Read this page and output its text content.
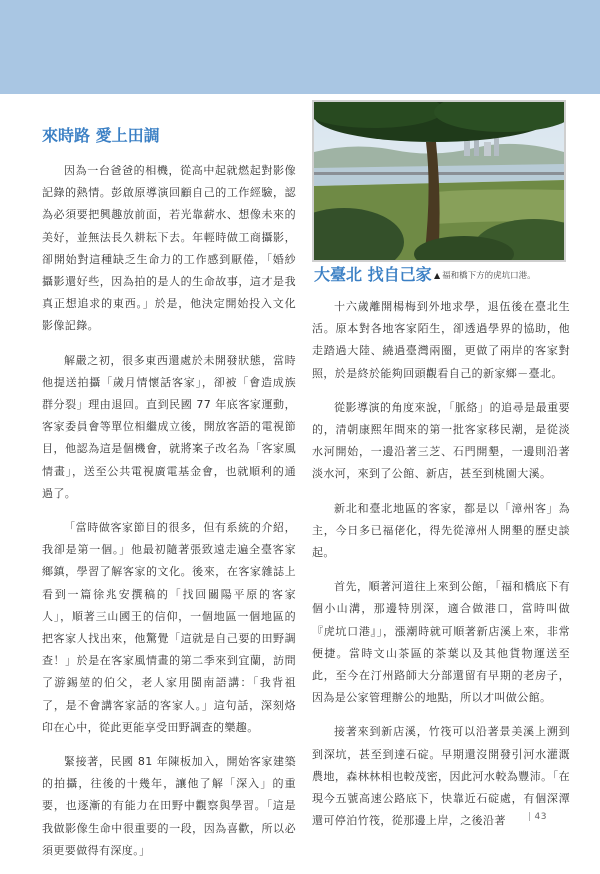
來時路 愛上田調

因為一台爸爸的相機，從高中起就燃起對影像記錄的熱情。彭啟原導演回顧自己的工作經驗，認為必須要把興趣放前面，若光靠薪水、想像未來的美好，並無法長久耕耘下去。年輕時做工商攝影，卻開始對這種缺乏生命力的工作感到厭倦，「婚紗攝影還好些，因為拍的是人的生命故事，這才是我真正想追求的東西。」於是，他決定開始投入文化影像記錄。

解嚴之初，很多東西還處於未開發狀態，當時他提送拍攝「歲月情懷話客家」，卻被「會造成族群分裂」理由退回。直到民國 77 年底客家運動，客家委員會等單位相繼成立後，開放客語的電視節目，他認為這是個機會，就將案子改名為「客家風情畫」，送至公共電視廣電基金會，也就順利的通過了。

「當時做客家節目的很多，但有系統的介紹，我卻是第一個。」他最初隨著張致遠走遍全臺客家鄉鎮，學習了解客家的文化。後來，在客家雜誌上看到一篇徐兆安撰稿的「找回關陽平原的客家人」，順著三山國王的信仰，一個地區一個地區的把客家人找出來，他驚覺「這就是自己要的田野調查！」於是在客家風情畫的第二季來到宜蘭，訪問了游錫堃的伯父，老人家用閩南語講：「我背祖了，是不會講客家話的客家人。」這句話，深刻烙印在心中，從此更能享受田野調查的樂趣。

緊接著，民國 81 年陳板加入，開始客家建築的拍攝，往後的十幾年，讓他了解「深入」的重要，也逐漸的有能力在田野中觀察與學習。「這是我做影像生命中很重要的一段，因為喜歡，所以必須更要做得有深度。」

大臺北 找自己家 ▲ 福和橋下方的虎坑口港。

十六歲離開楊梅到外地求學，退伍後在臺北生活。原本對各地客家陌生，卻透過學界的協助，他走踏過大陸、繞過臺灣兩圈，更做了兩岸的客家對照，於是終於能夠回頭觀看自己的新家鄉－臺北。

從影導演的角度來說，「脈絡」的追尋是最重要的，清朝康熙年間來的第一批客家移民潮，是從淡水河開始，一邊沿著三芝、石門開墾，一邊則沿著淡水河，來到了公館、新店，甚至到桃園大溪。

新北和臺北地區的客家，都是以「漳州客」為主，今日多已福佬化，得先從漳州人開墾的歷史談起。

首先，順著河道往上來到公館，「福和橋底下有個小山溝，那邊特別深，適合做港口，當時叫做『虎坑口港』」，漲潮時就可順著新店溪上來，非常便捷。當時文山茶區的茶葉以及其他貨物運送至此，至今在汀州路師大分部還留有早期的老房子，因為是公家管理辦公的地點，所以才叫做公館。

接著來到新店溪，竹筏可以沿著景美溪上溯到到深坑，甚至到達石碇。早期還沒開發引河水灌溉農地，森林林相也較茂密，因此河水較為豐沛。「在現今五號高速公路底下，快靠近石碇處，有個深潭還可停泊竹筏，從那邊上岸，之後沿著	| 43
